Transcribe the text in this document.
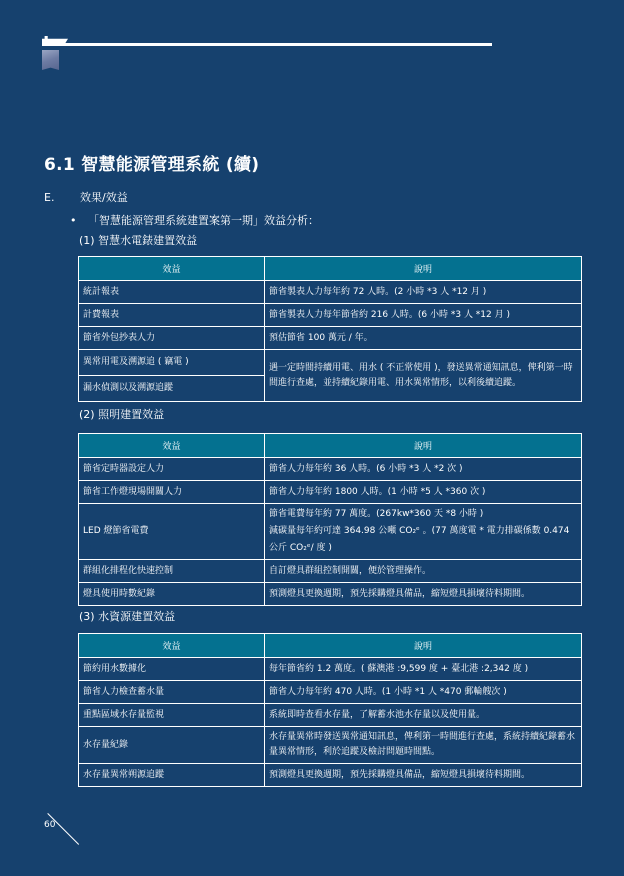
6.1 智慧能源管理系統 (續)
E. 效果/效益
• 「智慧能源管理系統建置案第一期」效益分析：
(1) 智慧水電錶建置效益
效益	說明
統計報表	節省製表人力每年約 72 人時。(2 小時 *3 人 *12 月 )
計費報表	節省製表人力每年節省約 216 人時。(6 小時 *3 人 *12 月 )
節省外包抄表人力	預估節省 100 萬元 / 年。
異常用電及溯源追 ( 竊電 )	遇一定時間持續用電、用水 ( 不正常使用 )，發送異常通知訊息，俾利第一時間進行查處，並持續紀錄用電、用水異常情形，以利後續追蹤。
漏水偵測以及溯源追蹤	
(2) 照明建置效益
效益	說明
節省定時器設定人力	節省人力每年約 36 人時。(6 小時 *3 人 *2 次 )
節省工作燈現場開關人力	節省人力每年約 1800 人時。(1 小時 *5 人 *360 次 )
LED 燈節省電費	節省電費每年約 77 萬度。(267kw*360 天 *8 小時 )
減碳量每年約可達 364.98 公噸 CO₂ᵉ 。(77 萬度電 * 電力排碳係數 0.474 公斤 CO₂ᵉ/ 度 )
群組化排程化快速控制	自訂燈具群組控制開關，便於管理操作。
燈具使用時數紀錄	預測燈具更換週期，預先採購燈具備品，縮短燈具損壞待料期間。
(3) 水資源建置效益
效益	說明
節約用水數據化	每年節省約 1.2 萬度。( 蘇澳港 :9,599 度 + 臺北港 :2,342 度 )
節省人力檢查蓄水量	節省人力每年約 470 人時。(1 小時 *1 人 *470 郵輪艘次 )
重點區域水存量監視	系統即時查看水存量，了解蓄水池水存量以及使用量。
水存量紀錄	水存量異常時發送異常通知訊息，俾利第一時間進行查處，系統持續紀錄蓄水量異常情形，利於追蹤及檢討問題時間點。
水存量異常朔源追蹤	預測燈具更換週期，預先採購燈具備品，縮短燈具損壞待料期間。
60
